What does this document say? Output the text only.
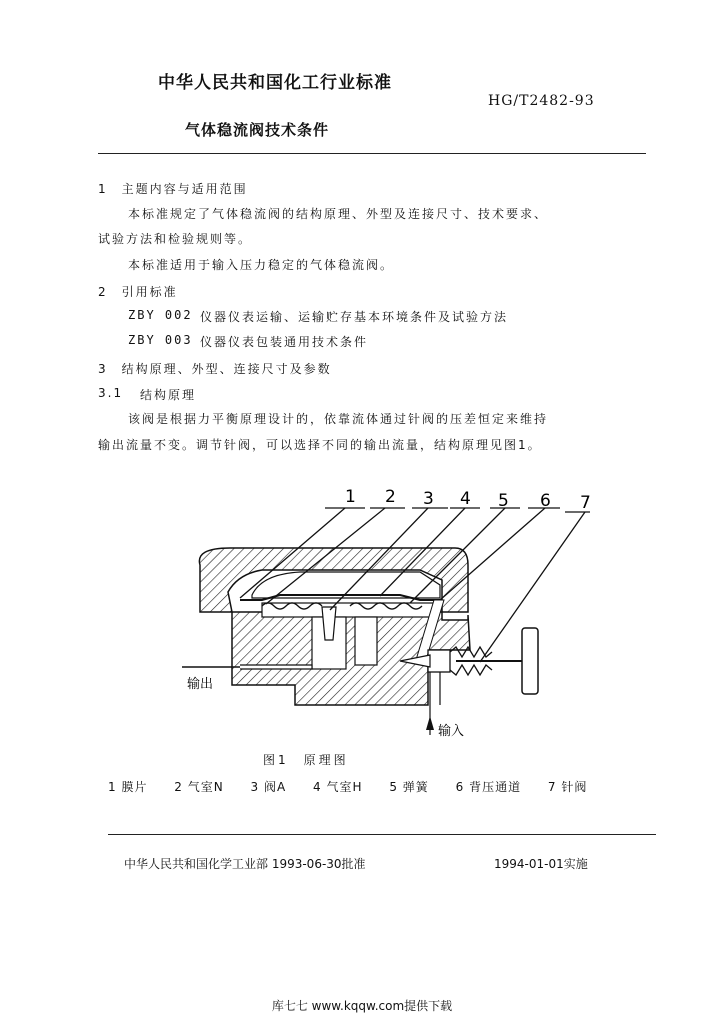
中华人民共和国化工行业标准
HG/T2482-93
气体稳流阀技术条件
1　主题内容与适用范围
本标准规定了气体稳流阀的结构原理、外型及连接尺寸、技术要求、
试验方法和检验规则等。
本标准适用于输入压力稳定的气体稳流阀。
2　引用标准
ZBY 002 仪器仪表运输、运输贮存基本环境条件及试验方法
ZBY 003 仪器仪表包装通用技术条件
3　结构原理、外型、连接尺寸及参数
3.1 结构原理
该阀是根据力平衡原理设计的，依靠流体通过针阀的压差恒定来维持
输出流量不变。调节针阀，可以选择不同的输出流量，结构原理见图1。
1 2 3 4 5 6 7
输出
输入
图1　原理图
1 膜片 2 气室N 3 阀A 4 气室H 5 弹簧 6 背压通道 7 针阀
中华人民共和国化学工业部 1993-06-30批准	1994-01-01实施
库七七 www.kqqw.com提供下载
